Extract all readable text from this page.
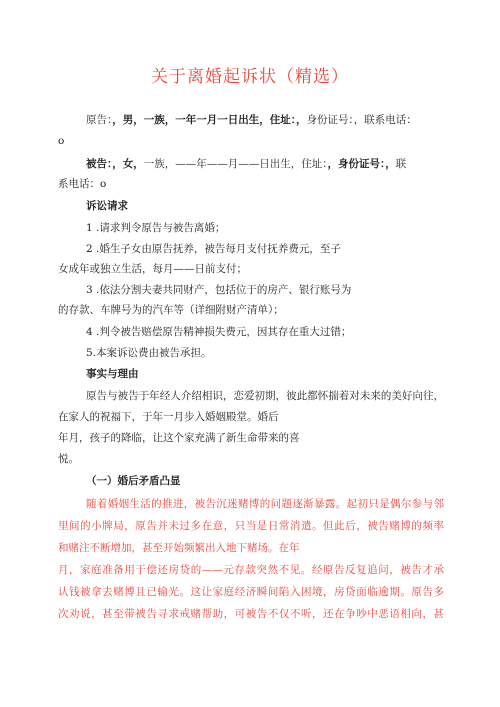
关于离婚起诉状（精选）
原告：，男，一族，一年一月一日出生，住址：，身份证号：，联系电话：
o
被告：，女，一族，——年——月——日出生，住址：，身份证号：，联
系电话：o
诉讼请求
1 .请求判令原告与被告离婚；
2 .婚生子女由原告抚养，被告每月支付抚养费元，至子
女成年或独立生活，每月——日前支付；
3 .依法分割夫妻共同财产，包括位于的房产、银行账号为
的存款、车牌号为的汽车等（详细附财产清单）；
4 .判令被告赔偿原告精神损失费元，因其存在重大过错；
5.本案诉讼费由被告承担。
事实与理由
原告与被告于年经人介绍相识，恋爱初期，彼此都怀揣着对未来的美好向往，
在家人的祝福下，于年一月步入婚姻殿堂。婚后
年月，孩子的降临，让这个家充满了新生命带来的喜
悦。
（一）婚后矛盾凸显
随着婚姻生活的推进，被告沉迷赌博的问题逐渐暴露。起初只是偶尔参与邻
里间的小牌局，原告并未过多在意，只当是日常消遣。但此后，被告赌博的频率
和赌注不断增加，甚至开始频繁出入地下赌场。在年
月，家庭准备用于偿还房贷的——元存款突然不见。经原告反复追问，被告才承
认钱被拿去赌博且已输光。这让家庭经济瞬间陷入困境，房贷面临逾期。原告多
次劝说，甚至带被告寻求戒赌帮助，可被告不仅不听，还在争吵中恶语相向，甚
